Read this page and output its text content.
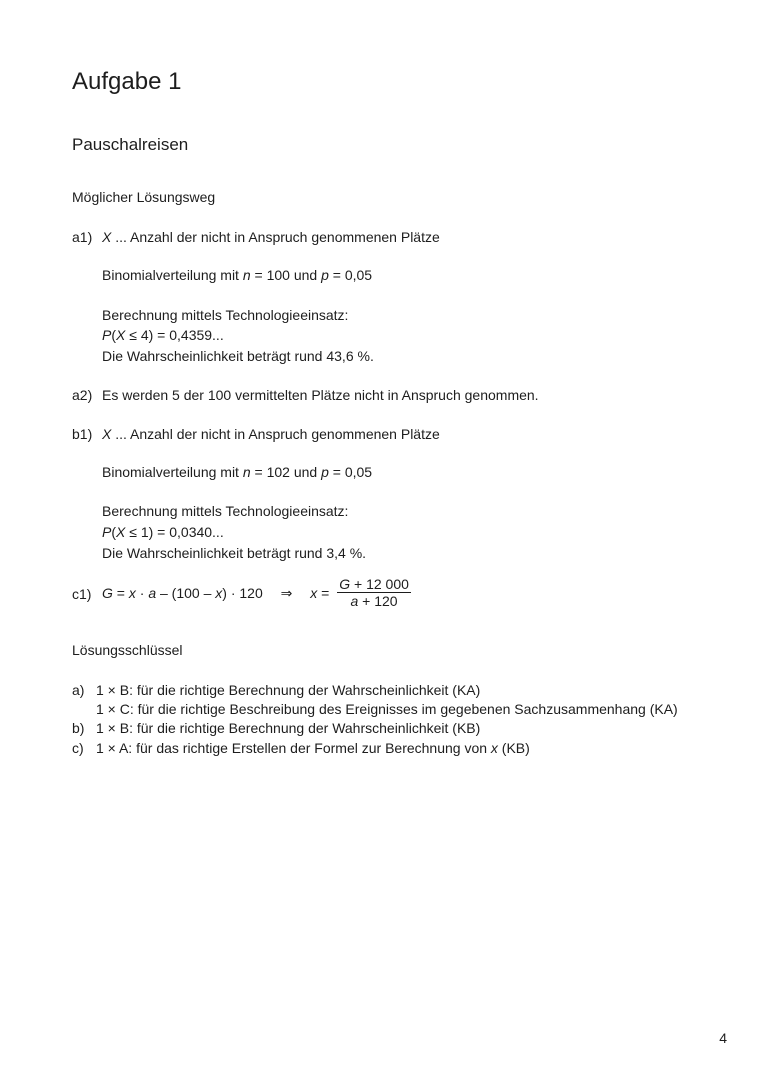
Aufgabe 1
Pauschalreisen
Möglicher Lösungsweg
a1) X ... Anzahl der nicht in Anspruch genommenen Plätze
Binomialverteilung mit n = 100 und p = 0,05
Berechnung mittels Technologieeinsatz:
P(X ≤ 4) = 0,4359...
Die Wahrscheinlichkeit beträgt rund 43,6 %.
a2) Es werden 5 der 100 vermittelten Plätze nicht in Anspruch genommen.
b1) X ... Anzahl der nicht in Anspruch genommenen Plätze
Binomialverteilung mit n = 102 und p = 0,05
Berechnung mittels Technologieeinsatz:
P(X ≤ 1) = 0,0340...
Die Wahrscheinlichkeit beträgt rund 3,4 %.
c1) G = x · a – (100 – x) · 120 ⇒ $x = \frac{G + 12 000}{a + 120}$
Lösungsschlüssel
a) 1 × B: für die richtige Berechnung der Wahrscheinlichkeit (KA)
1 × C: für die richtige Beschreibung des Ereignisses im gegebenen Sachzusammenhang (KA)
b) 1 × B: für die richtige Berechnung der Wahrscheinlichkeit (KB)
c) 1 × A: für das richtige Erstellen der Formel zur Berechnung von x (KB)
4
